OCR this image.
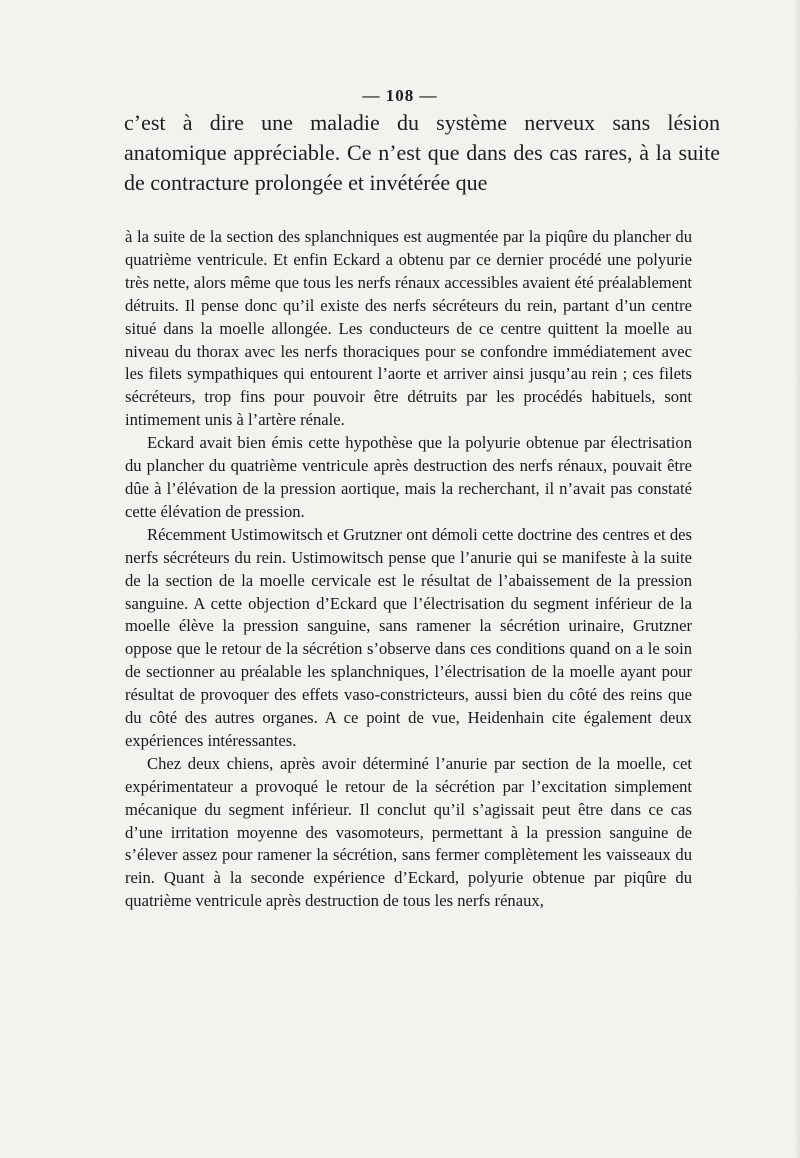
— 108 —

c’est à dire une maladie du système nerveux sans lésion anatomique appréciable. Ce n’est que dans des cas rares, à la suite de contracture prolongée et invétérée que

à la suite de la section des splanchniques est augmentée par la piqûre du plancher du quatrième ventricule. Et enfin Eckard a obtenu par ce dernier procédé une polyurie très nette, alors même que tous les nerfs rénaux accessibles avaient été préalablement détruits. Il pense donc qu’il existe des nerfs sécréteurs du rein, partant d’un centre situé dans la moelle allongée. Les conducteurs de ce centre quittent la moelle au niveau du thorax avec les nerfs thoraciques pour se confondre immédiatement avec les filets sympathiques qui entourent l’aorte et arriver ainsi jusqu’au rein ; ces filets sécréteurs, trop fins pour pouvoir être détruits par les procédés habituels, sont intimement unis à l’artère rénale.

Eckard avait bien émis cette hypothèse que la polyurie obtenue par électrisation du plancher du quatrième ventricule après destruction des nerfs rénaux, pouvait être dûe à l’élévation de la pression aortique, mais la recherchant, il n’avait pas constaté cette élévation de pression.

Récemment Ustimowitsch et Grutzner ont démoli cette doctrine des centres et des nerfs sécréteurs du rein. Ustimowitsch pense que l’anurie qui se manifeste à la suite de la section de la moelle cervicale est le résultat de l’abaissement de la pression sanguine. A cette objection d’Eckard que l’électrisation du segment inférieur de la moelle élève la pression sanguine, sans ramener la sécrétion urinaire, Grutzner oppose que le retour de la sécrétion s’observe dans ces conditions quand on a le soin de sectionner au préalable les splanchniques, l’électrisation de la moelle ayant pour résultat de provoquer des effets vaso-constricteurs, aussi bien du côté des reins que du côté des autres organes. A ce point de vue, Heidenhain cite également deux expériences intéressantes.

Chez deux chiens, après avoir déterminé l’anurie par section de la moelle, cet expérimentateur a provoqué le retour de la sécrétion par l’excitation simplement mécanique du segment inférieur. Il conclut qu’il s’agissait peut être dans ce cas d’une irritation moyenne des vasomoteurs, permettant à la pression sanguine de s’élever assez pour ramener la sécrétion, sans fermer complètement les vaisseaux du rein. Quant à la seconde expérience d’Eckard, polyurie obtenue par piqûre du quatrième ventricule après destruction de tous les nerfs rénaux,
